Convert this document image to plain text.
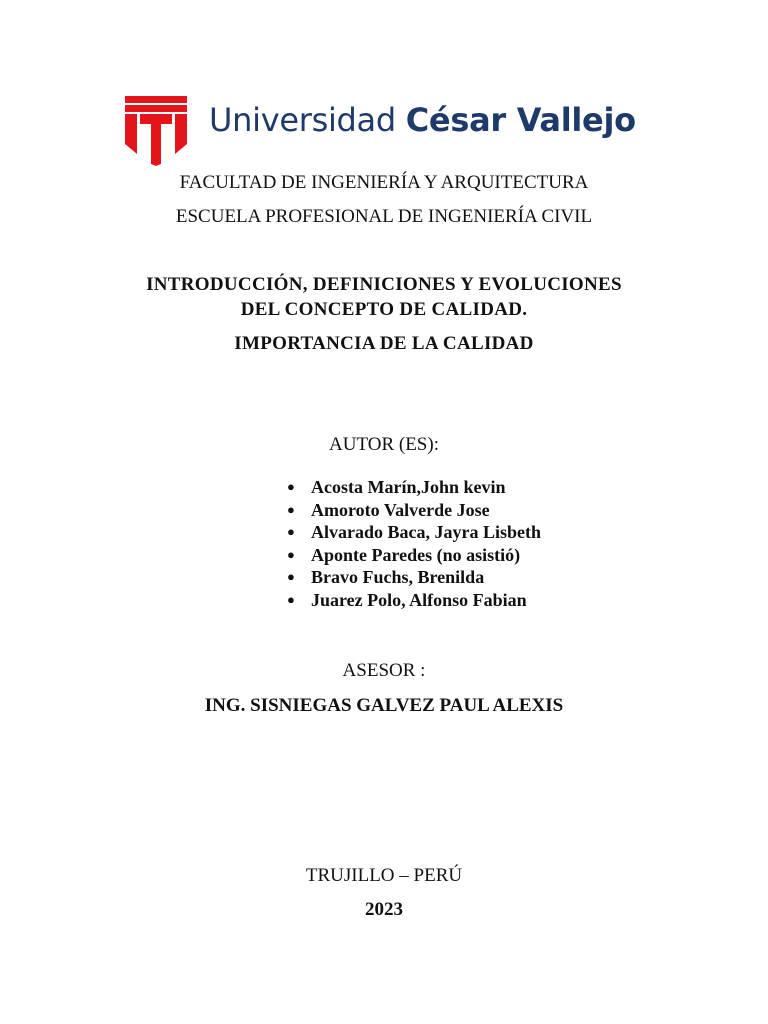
Universidad César Vallejo
FACULTAD DE INGENIERÍA Y ARQUITECTURA
ESCUELA PROFESIONAL DE INGENIERÍA CIVIL
INTRODUCCIÓN, DEFINICIONES Y EVOLUCIONES
DEL CONCEPTO DE CALIDAD.
IMPORTANCIA DE LA CALIDAD
AUTOR (ES):
● Acosta Marín,John kevin
● Amoroto Valverde Jose
● Alvarado Baca, Jayra Lisbeth
● Aponte Paredes (no asistió)
● Bravo Fuchs, Brenilda
● Juarez Polo, Alfonso Fabian
ASESOR :
ING. SISNIEGAS GALVEZ PAUL ALEXIS
TRUJILLO – PERÚ
2023
